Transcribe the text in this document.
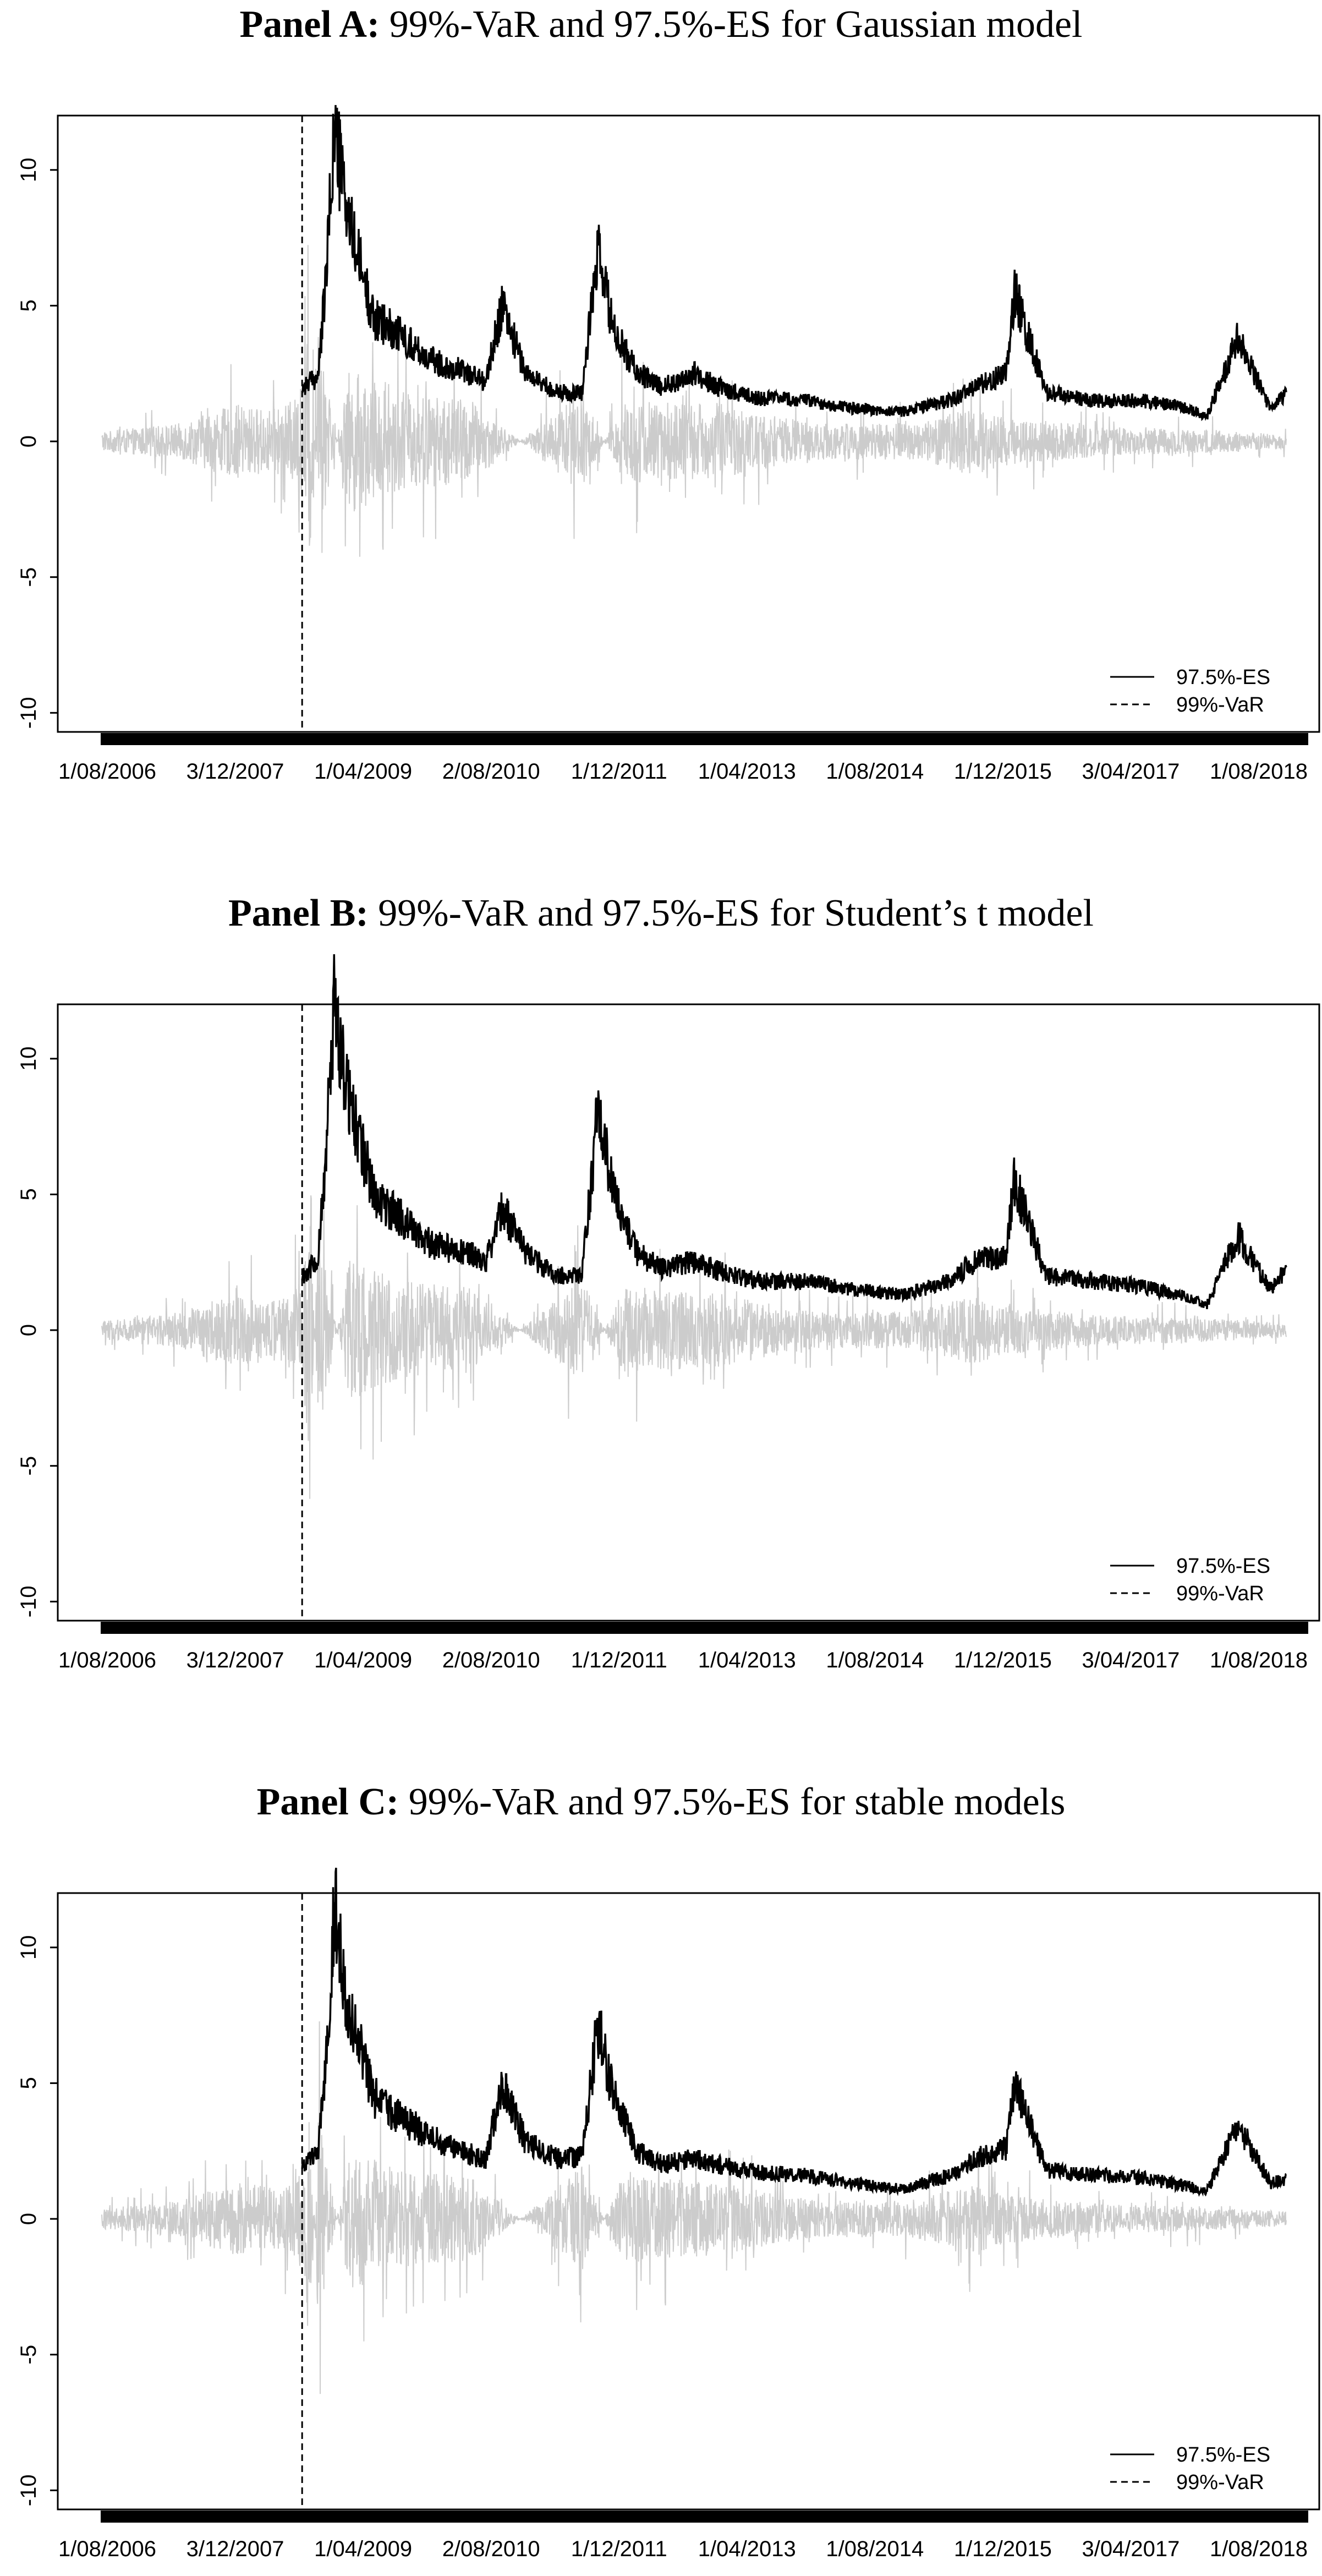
Panel A: 99%-VaR and 97.5%-ES for Gaussian model
-10
-5
0
5
10
1/08/2006 3/12/2007 1/04/2009 2/08/2010 1/12/2011 1/04/2013 1/08/2014 1/12/2015 3/04/2017 1/08/2018
97.5%-ES
99%-VaR
Panel B: 99%-VaR and 97.5%-ES for Student’s t model
-10
-5
0
5
10
1/08/2006 3/12/2007 1/04/2009 2/08/2010 1/12/2011 1/04/2013 1/08/2014 1/12/2015 3/04/2017 1/08/2018
97.5%-ES
99%-VaR
Panel C: 99%-VaR and 97.5%-ES for stable models
-10
-5
0
5
10
1/08/2006 3/12/2007 1/04/2009 2/08/2010 1/12/2011 1/04/2013 1/08/2014 1/12/2015 3/04/2017 1/08/2018
97.5%-ES
99%-VaR
